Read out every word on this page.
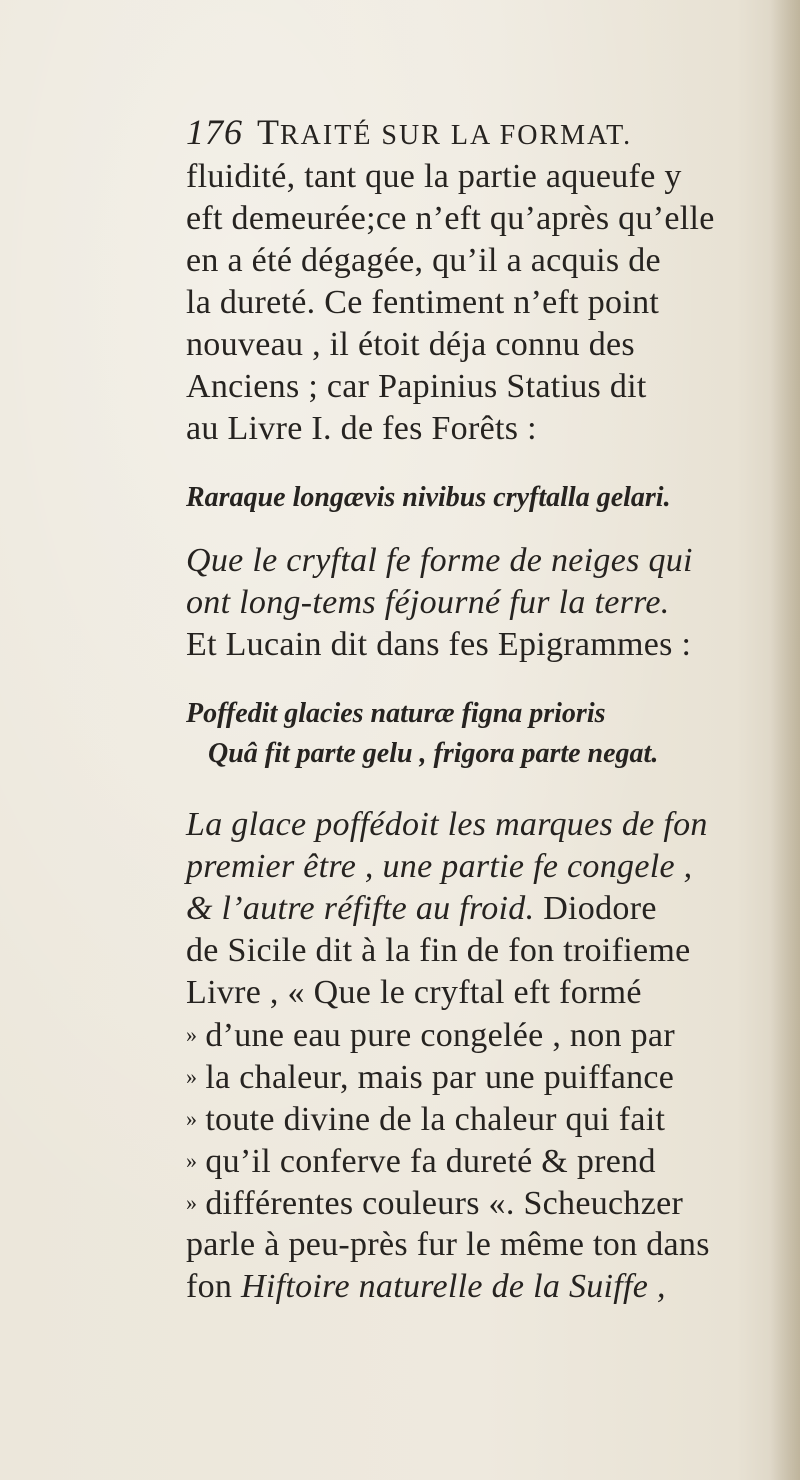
176 TRAITÉ SUR LA FORMAT.
fluidité, tant que la partie aqueufe y
eft demeurée;ce n’eft qu’après qu’elle
en a été dégagée, qu’il a acquis de
la dureté. Ce fentiment n’eft point
nouveau , il étoit déja connu des
Anciens ; car Papinius Statius dit
au Livre I. de fes Forêts :
Raraque longævis nivibus cryftalla gelari.
Que le cryftal fe forme de neiges qui
ont long-tems féjourné fur la terre.
Et Lucain dit dans fes Epigrammes :
Poffedit glacies naturæ figna prioris
Quâ fit parte gelu , frigora parte negat.
La glace poffédoit les marques de fon
premier être , une partie fe congele ,
& l’autre réfifte au froid. Diodore
de Sicile dit à la fin de fon troifieme
Livre , « Que le cryftal eft formé
» d’une eau pure congelée , non par
» la chaleur, mais par une puiffance
» toute divine de la chaleur qui fait
» qu’il conferve fa dureté & prend
» différentes couleurs «. Scheuchzer
parle à peu-près fur le même ton dans
fon Hiftoire naturelle de la Suiffe ,
